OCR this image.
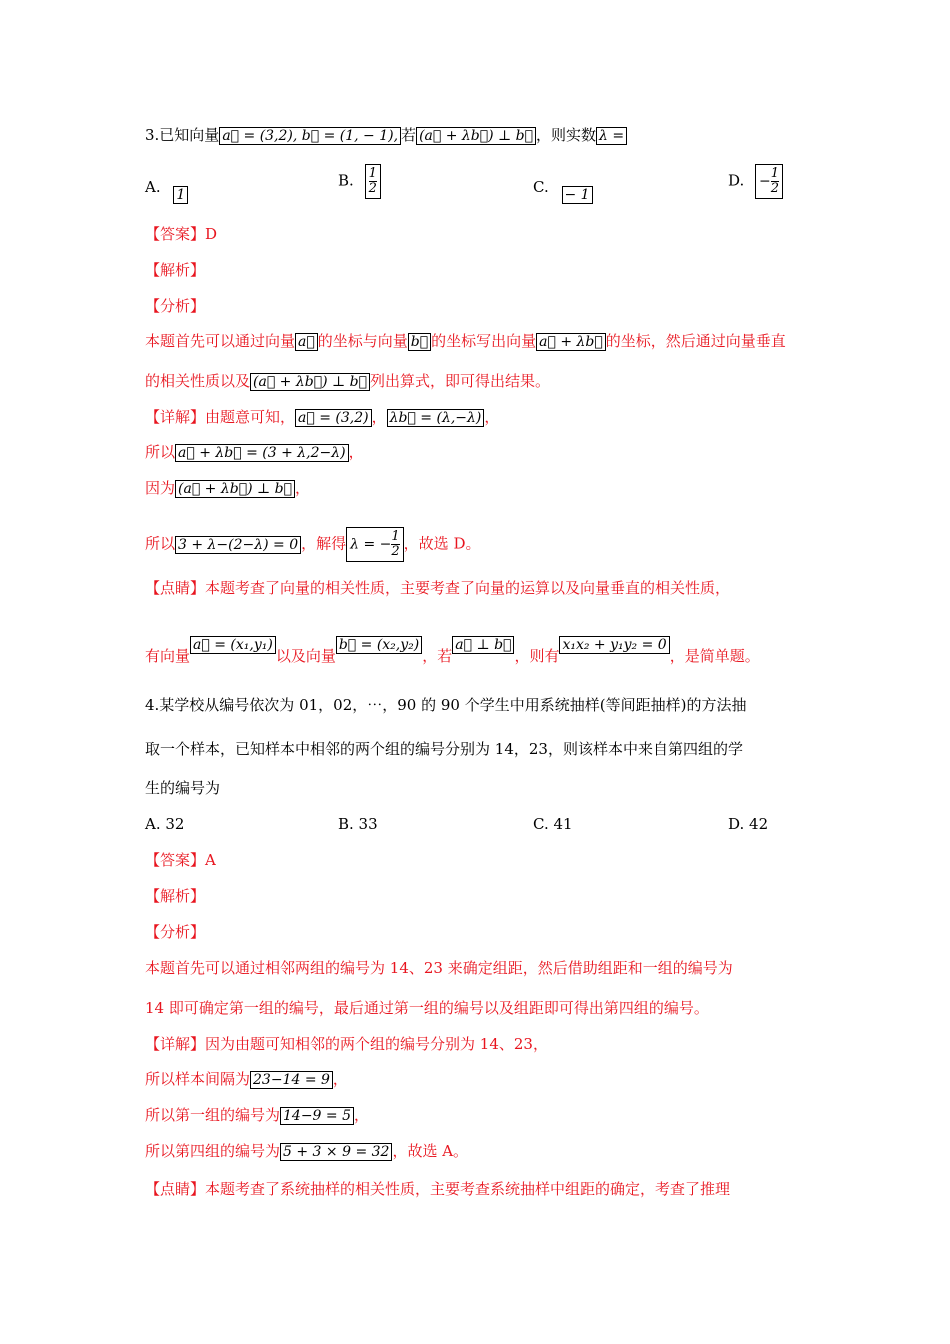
3.已知向量 a⃗ = (3,2), b⃗ = (1, − 1), 若 (a⃗ + λb⃗) ⊥ b⃗ ，则实数 λ =
A. 1
B. $\frac{1}{2}$	C. − 1
D. − $\frac{1}{2}$
【答案】D
【解析】
【分析】
本题首先可以通过向量 a⃗ 的坐标与向量 b⃗ 的坐标写出向量 a⃗ + λb⃗ 的坐标，然后通过向量垂直
的相关性质以及 (a⃗ + λb⃗) ⊥ b⃗ 列出算式，即可得出结果。
【详解】由题意可知， a⃗ = (3,2) ， λb⃗ = (λ,−λ) ，
所以 a⃗ + λb⃗ = (3 + λ,2−λ) ，
因为 (a⃗ + λb⃗) ⊥ b⃗ ，
所以 3 + λ−(2−λ) = 0 ，解得 λ = − $\frac{1}{2}$ ，故选 D。
【点睛】本题考查了向量的相关性质，主要考查了向量的运算以及向量垂直的相关性质，
有向量a⃗ = (x₁,y₁)以及向量b⃗ = (x₂,y₂)，若a⃗ ⊥ b⃗，则有x₁x₂ + y₁y₂ = 0，是简单题。
4.某学校从编号依次为 01，02，⋯，90 的 90 个学生中用系统抽样(等间距抽样)的方法抽
取一个样本，已知样本中相邻的两个组的编号分别为 14，23，则该样本中来自第四组的学
生的编号为
A. 32	B. 33	C. 41	D. 42
【答案】A
【解析】
【分析】
本题首先可以通过相邻两组的编号为 14、23 来确定组距，然后借助组距和一组的编号为
14 即可确定第一组的编号，最后通过第一组的编号以及组距即可得出第四组的编号。
【详解】因为由题可知相邻的两个组的编号分别为 14、23，
所以样本间隔为 23−14 = 9 ，
所以第一组的编号为 14−9 = 5 ，
所以第四组的编号为 5 + 3 × 9 = 32 ，故选 A。
【点睛】本题考查了系统抽样的相关性质，主要考查系统抽样中组距的确定，考查了推理
